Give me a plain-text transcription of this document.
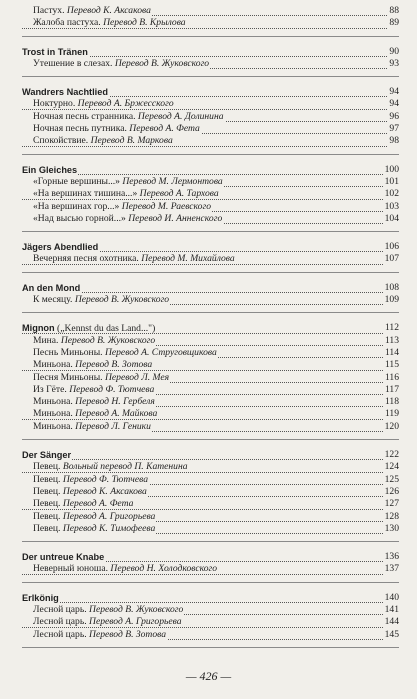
Пастух. Перевод К. Аксакова	88
Жалоба пастуха. Перевод В. Крылова	89
Trost in Tränen	90
Утешение в слезах. Перевод В. Жуковского	93
Wandrers Nachtlied	94
Ноктурно. Перевод А. Бржесского	94
Ночная песнь странника. Перевод А. Долинина	96
Ночная песнь путника. Перевод А. Фета	97
Спокойствие. Перевод В. Маркова	98
Ein Gleiches	100
«Горные вершины...» Перевод М. Лермонтова	101
«На вершинах тишина...» Перевод А. Тархова	102
«На вершинах гор...» Перевод М. Раевского	103
«Над высью горной...» Перевод И. Анненского	104
Jägers Abendlied	106
Вечерняя песня охотника. Перевод М. Михайлова	107
An den Mond	108
К месяцу. Перевод В. Жуковского	109
Mignon („Kennst du das Land...")	112
Мина. Перевод В. Жуковского	113
Песнь Миньоны. Перевод А. Струговщикова	114
Миньона. Перевод В. Зотова	115
Песня Миньоны. Перевод Л. Мея	116
Из Гёте. Перевод Ф. Тютчева	117
Миньона. Перевод Н. Гербеля	118
Миньона. Перевод А. Майкова	119
Миньона. Перевод Л. Геники	120
Der Sänger	122
Певец. Вольный перевод П. Катенина	124
Певец. Перевод Ф. Тютчева	125
Певец. Перевод К. Аксакова	126
Певец. Перевод А. Фета	127
Певец. Перевод А. Григорьева	128
Певец. Перевод К. Тимофеева	130
Der untreue Knabe	136
Неверный юноша. Перевод Н. Холодковского	137
Erlkönig	140
Лесной царь. Перевод В. Жуковского	141
Лесной царь. Перевод А. Григорьева	144
Лесной царь. Перевод В. Зотова	145
— 426 —
